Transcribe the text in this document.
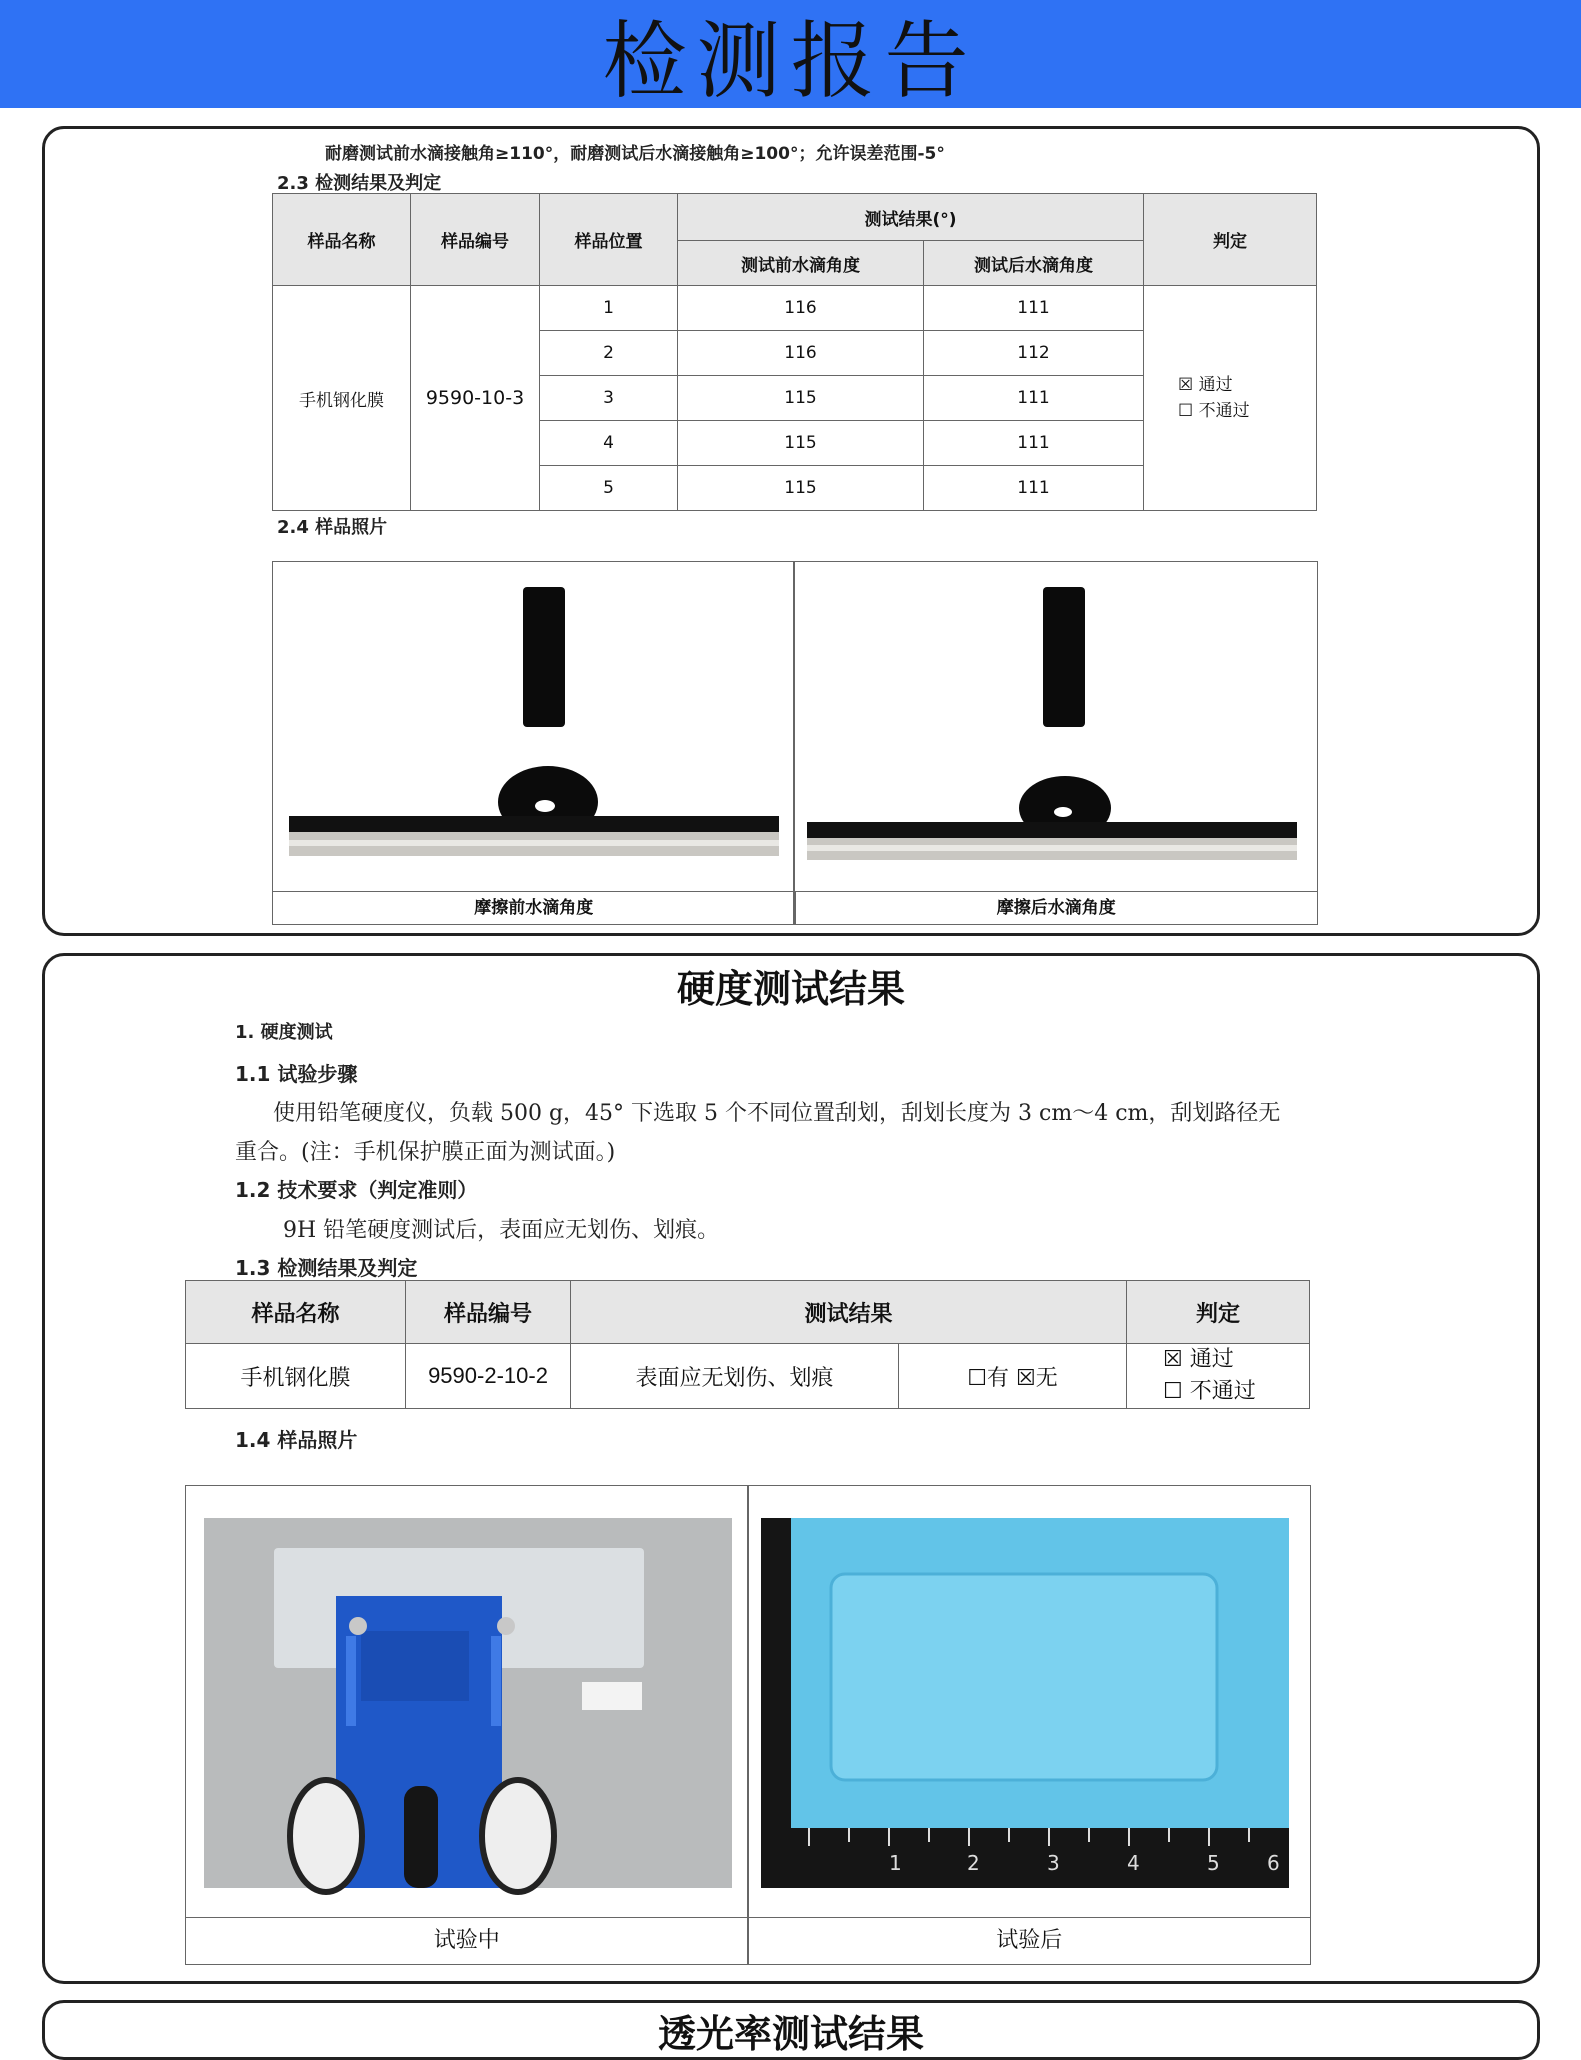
检测报告
耐磨测试前水滴接触角≥110°，耐磨测试后水滴接触角≥100°；允许误差范围-5°
2.3 检测结果及判定
样品名称	样品编号	样品位置	测试结果(°)		判定
			测试前水滴角度	测试后水滴角度	
手机钢化膜	9590-10-3	1	116	111	☒ 通过
☐ 不通过

		2	116	112	
		3	115	111	
		4	115	111	
		5	115	111	
2.4 样品照片
摩擦前水滴角度	摩擦后水滴角度
硬度测试结果
1. 硬度测试
1.1 试验步骤
使用铅笔硬度仪，负载 500 g，45° 下选取 5 个不同位置刮划，刮划长度为 3 cm～4 cm，刮划路径无
重合。(注：手机保护膜正面为测试面。)
1.2 技术要求（判定准则）
9H 铅笔硬度测试后，表面应无划伤、划痕。
1.3 检测结果及判定
样品名称	样品编号	测试结果		判定
手机钢化膜	9590-2-10-2	表面应无划伤、划痕	☐有 ☒无	☒ 通过
☐ 不通过
1.4 样品照片
1	2	3	4	5 6
试验中	试验后
透光率测试结果
